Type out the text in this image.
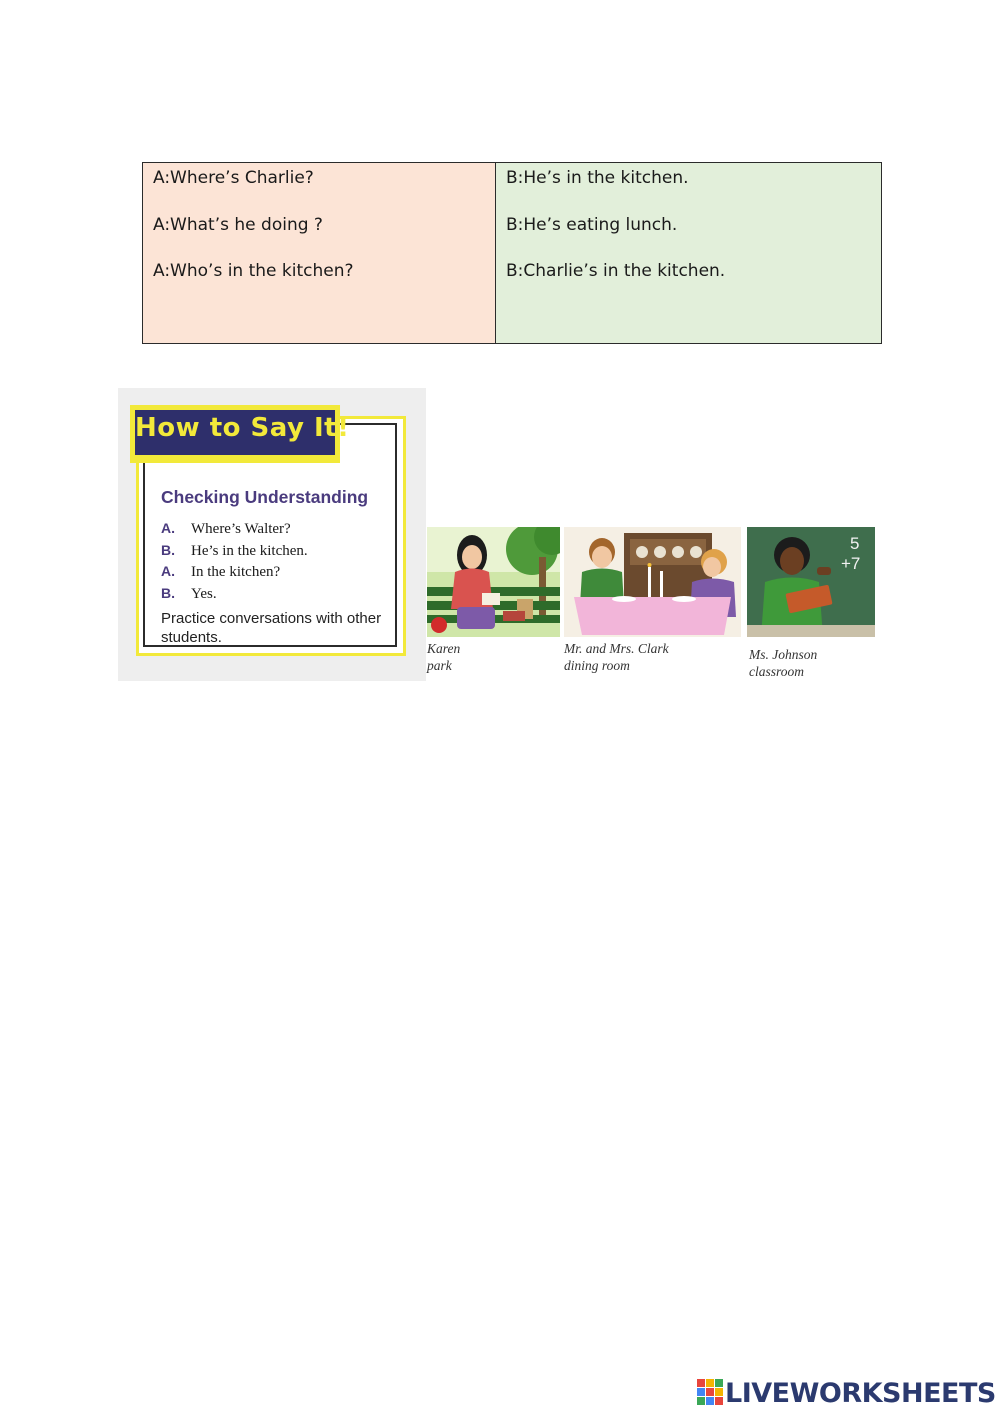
A:Where’s Charlie?
A:What’s he doing ?
A:Who’s in the kitchen?
B:He’s in the kitchen.
B:He’s eating lunch.
B:Charlie’s in the kitchen.
Checking Understanding
A. Where’s Walter?
B. He’s in the kitchen.
A. In the kitchen?
B. Yes.
Practice conversations with other students.
How to Say It!
Karen
park
Mr. and Mrs. Clark
dining room
5
+7
Ms. Johnson
classroom
LIVEWORKSHEETS
